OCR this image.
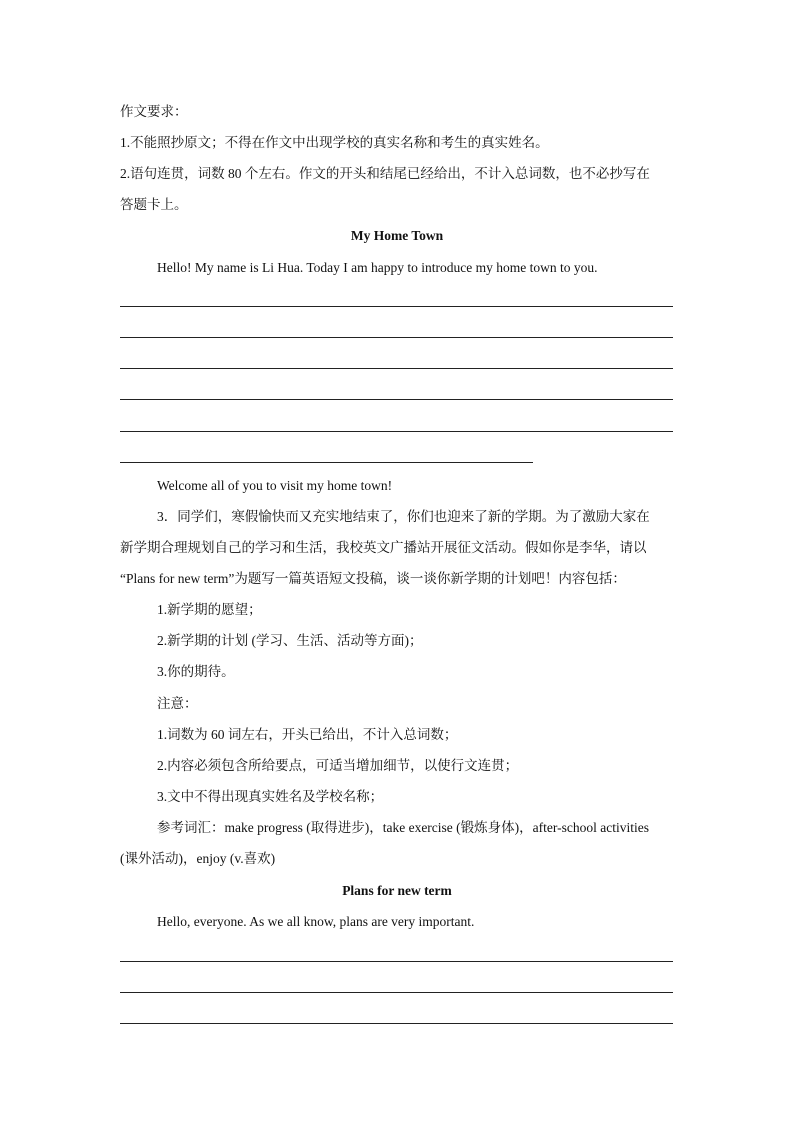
作文要求：
1.不能照抄原文；不得在作文中出现学校的真实名称和考生的真实姓名。
2.语句连贯，词数 80 个左右。作文的开头和结尾已经给出，不计入总词数，也不必抄写在
答题卡上。
My Home Town
Hello! My name is Li Hua. Today I am happy to introduce my home town to you.
Welcome all of you to visit my home town!
3．同学们，寒假愉快而又充实地结束了，你们也迎来了新的学期。为了激励大家在
新学期合理规划自己的学习和生活，我校英文广播站开展征文活动。假如你是李华，请以
“Plans for new term”为题写一篇英语短文投稿，谈一谈你新学期的计划吧！内容包括：
1.新学期的愿望；
2.新学期的计划 (学习、生活、活动等方面)；
3.你的期待。
注意：
1.词数为 60 词左右，开头已给出，不计入总词数；
2.内容必须包含所给要点，可适当增加细节，以使行文连贯；
3.文中不得出现真实姓名及学校名称；
参考词汇：make progress (取得进步)，take exercise (锻炼身体)，after-school activities
(课外活动)，enjoy (v.喜欢)
Plans for new term
Hello, everyone. As we all know, plans are very important.
